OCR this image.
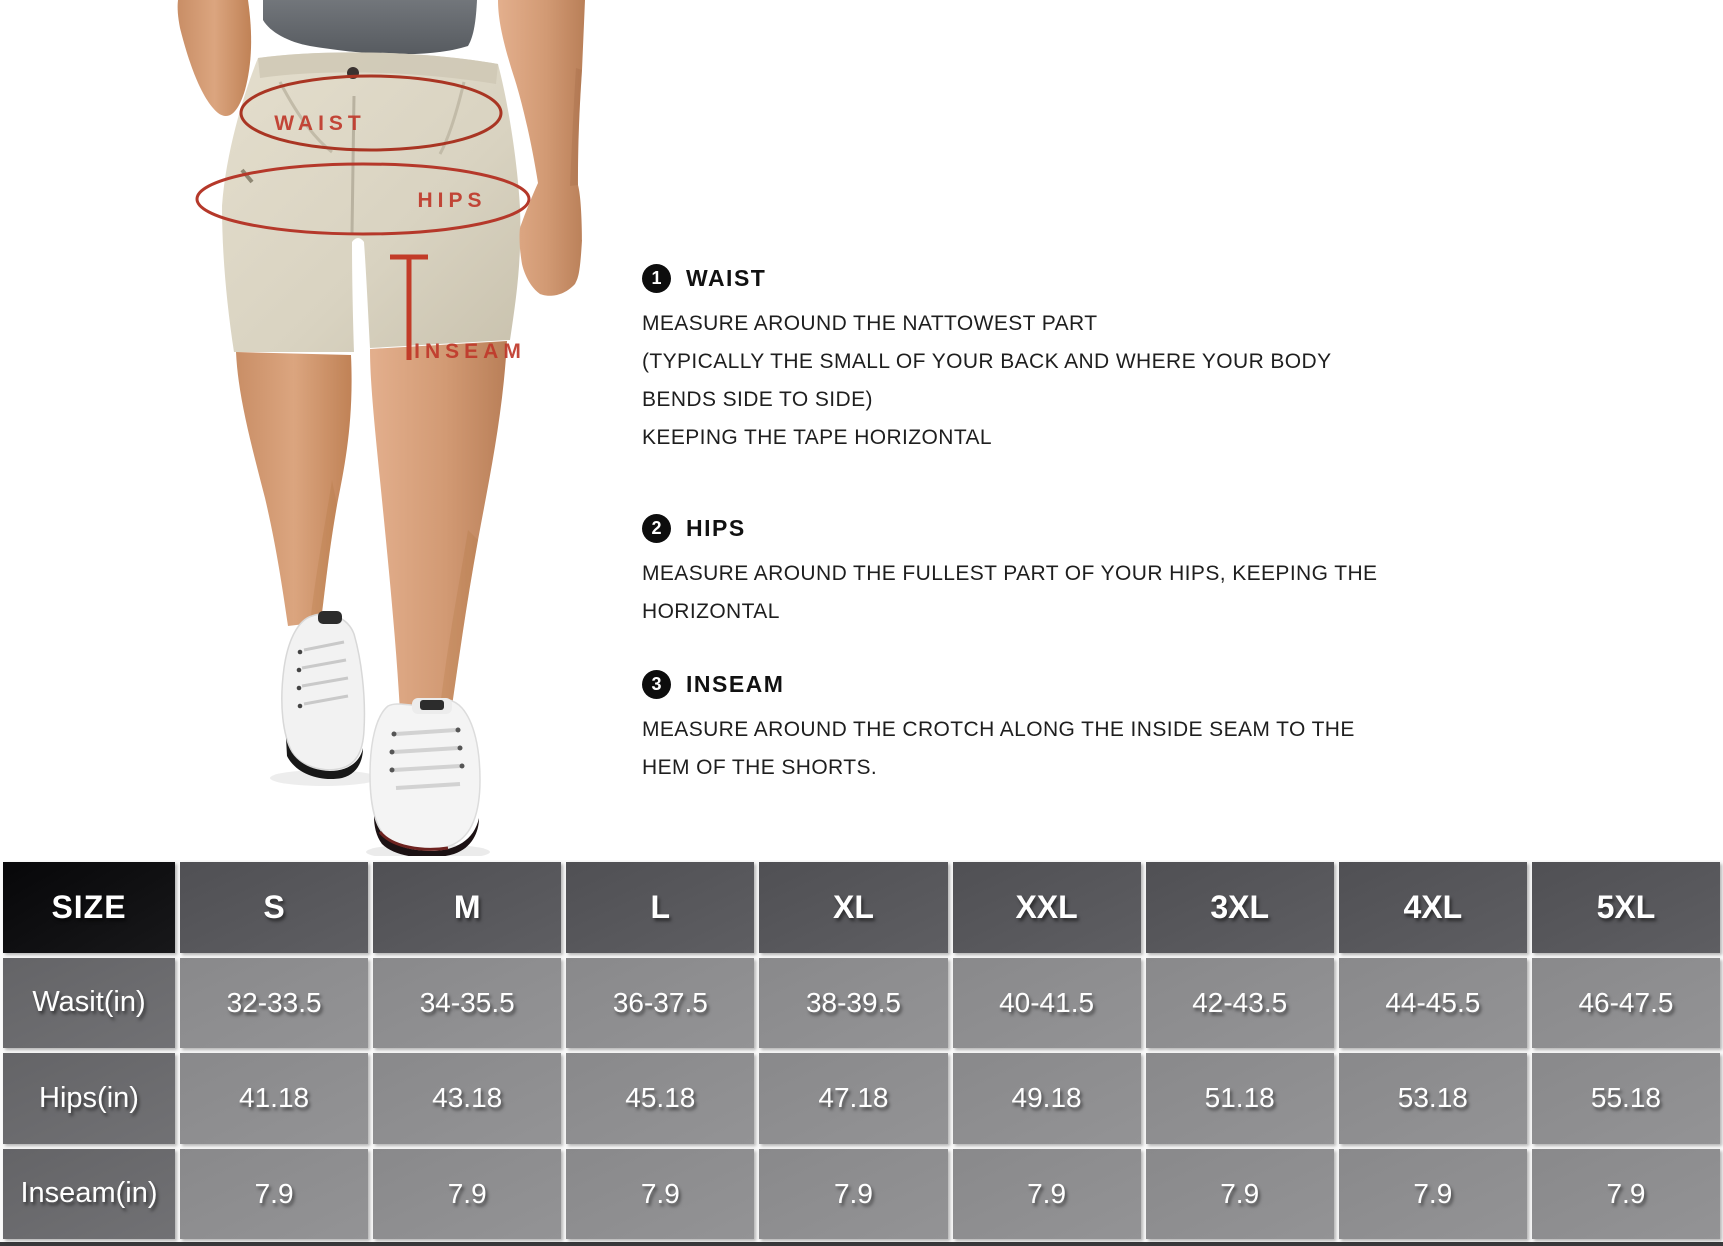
WAIST
HIPS
INSEAM
1	WAIST
MEASURE AROUND THE NATTOWEST PART
(TYPICALLY THE SMALL OF YOUR BACK AND WHERE YOUR BODY
BENDS SIDE TO SIDE)
KEEPING THE TAPE HORIZONTAL
2	HIPS
MEASURE AROUND THE FULLEST PART OF YOUR HIPS, KEEPING THE
HORIZONTAL
3	INSEAM
MEASURE AROUND THE CROTCH ALONG THE INSIDE SEAM TO THE
HEM OF THE SHORTS.
SIZE	S	M	L	XL	XXL	3XL	4XL	5XL
Wasit(in)	32-33.5	34-35.5	36-37.5	38-39.5	40-41.5	42-43.5	44-45.5	46-47.5
Hips(in)	41.18	43.18	45.18	47.18	49.18	51.18	53.18	55.18
Inseam(in)	7.9	7.9	7.9	7.9	7.9	7.9	7.9	7.9
